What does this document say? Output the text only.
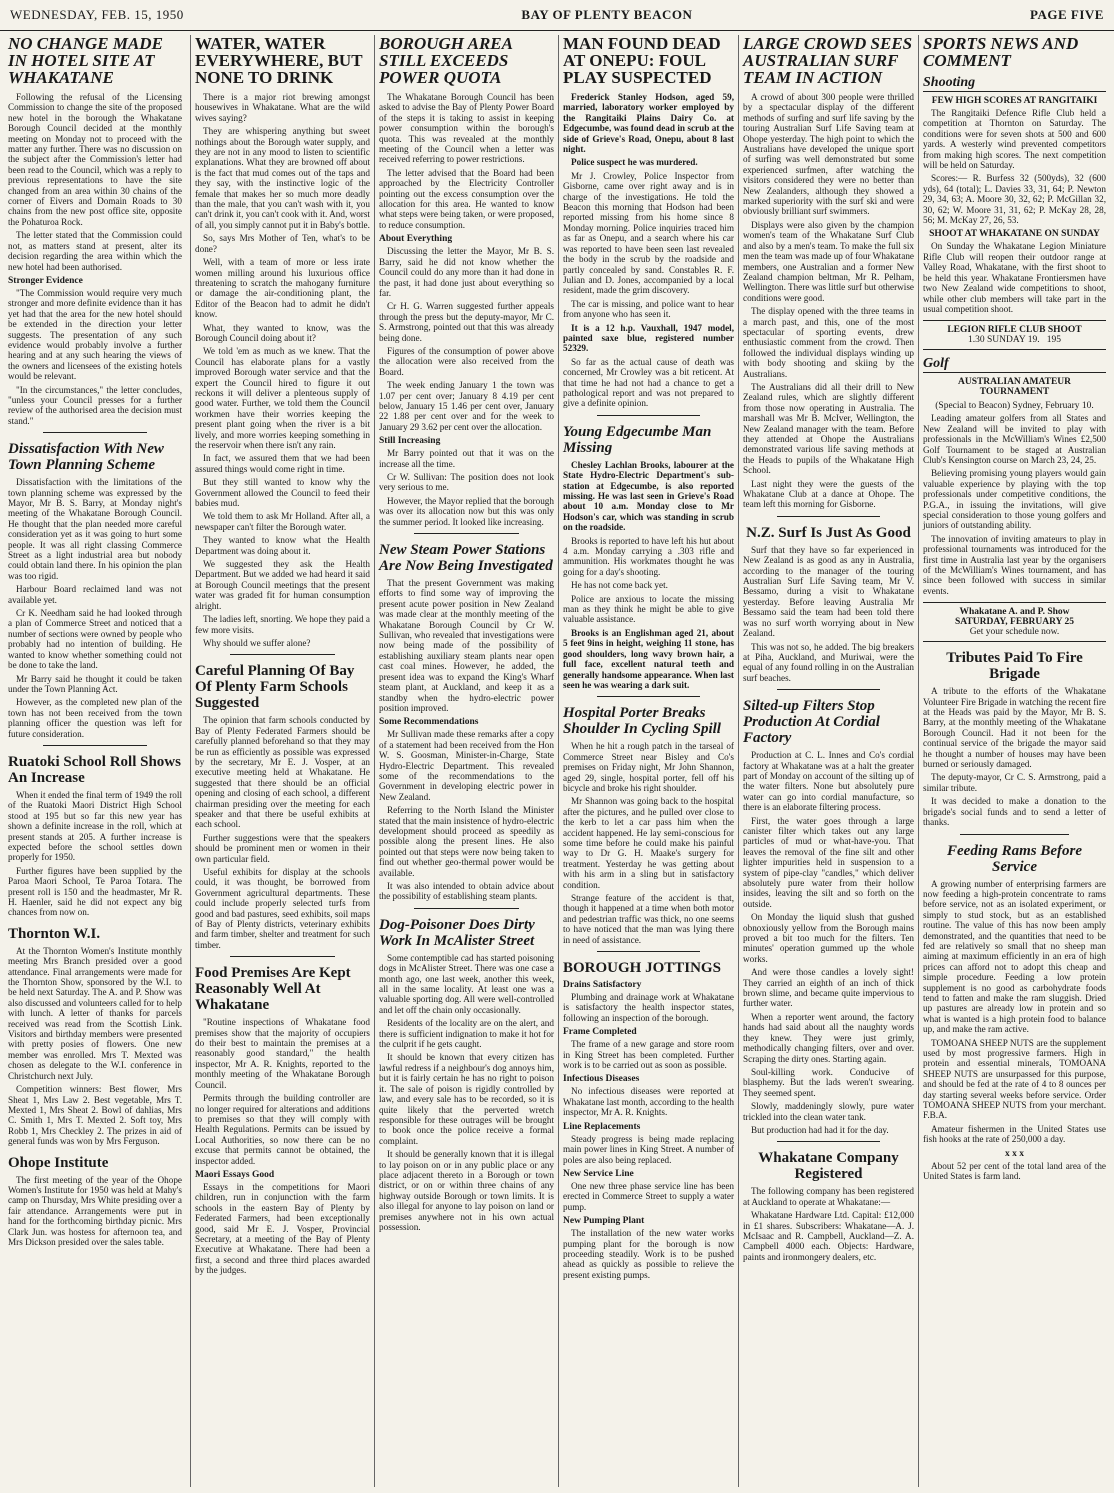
WEDNESDAY, FEB. 15, 1950	BAY OF PLENTY BEACON	PAGE FIVE
NO CHANGE MADE IN HOTEL SITE AT WHAKATANE

Following the refusal of the Licensing Commission to change the site of the proposed new hotel in the borough the Whakatane Borough Council decided at the monthly meeting on Monday not to proceed with the matter any further. There was no discussion on the subject after the Commission's letter had been read to the Council, which was a reply to previous representations to have the site changed from an area within 30 chains of the corner of Eivers and Domain Roads to 30 chains from the new post office site, opposite the Pohaturoa Rock.

The letter stated that the Commission could not, as matters stand at present, alter its decision regarding the area within which the new hotel had been authorised.

Stronger Evidence

"The Commission would require very much stronger and more definite evidence than it has yet had that the area for the new hotel should be extended in the direction your letter suggests. The presentation of any such evidence would probably involve a further hearing and at any such hearing the views of the owners and licensees of the existing hotels would be relevant.

"In the circumstances," the letter concludes, "unless your Council presses for a further review of the authorised area the decision must stand."

Dissatisfaction With New Town Planning Scheme

Dissatisfaction with the limitations of the town planning scheme was expressed by the Mayor, Mr B. S. Barry, at Monday night's meeting of the Whakatane Borough Council. He thought that the plan needed more careful consideration yet as it was going to hurt some people. It was all right classing Commerce Street as a light industrial area but nobody could obtain land there. In his opinion the plan was too rigid.

Harbour Board reclaimed land was not available yet.

Cr K. Needham said he had looked through a plan of Commerce Street and noticed that a number of sections were owned by people who probably had no intention of building. He wanted to know whether something could not be done to take the land.

Mr Barry said he thought it could be taken under the Town Planning Act.

However, as the completed new plan of the town has not been received from the town planning officer the question was left for future consideration.

Ruatoki School Roll Shows An Increase

When it ended the final term of 1949 the roll of the Ruatoki Maori District High School stood at 195 but so far this new year has shown a definite increase in the roll, which at present stands at 205. A further increase is expected before the school settles down properly for 1950.

Further figures have been supplied by the Paroa Maori School, Te Paroa Totara. The present roll is 150 and the headmaster, Mr R. H. Haenler, said he did not expect any big chances from now on.

Thornton W.I.

At the Thornton Women's Institute monthly meeting Mrs Branch presided over a good attendance. Final arrangements were made for the Thornton Show, sponsored by the W.I. to be held next Saturday. The A. and P. Show was also discussed and volunteers called for to help with lunch. A letter of thanks for parcels received was read from the Scottish Link. Visitors and birthday members were presented with pretty posies of flowers. One new member was enrolled. Mrs T. Mexted was chosen as delegate to the W.I. conference in Christchurch next July.

Competition winners: Best flower, Mrs Sheat 1, Mrs Law 2. Best vegetable, Mrs T. Mexted 1, Mrs Sheat 2. Bowl of dahlias, Mrs C. Smith 1, Mrs T. Mexted 2. Soft toy, Mrs Robb 1, Mrs Checkley 2. The prizes in aid of general funds was won by Mrs Ferguson.

Ohope Institute

The first meeting of the year of the Ohope Women's Institute for 1950 was held at Mahy's camp on Thursday, Mrs White presiding over a fair attendance. Arrangements were put in hand for the forthcoming birthday picnic. Mrs Clark Jun. was hostess for afternoon tea, and Mrs Dickson presided over the sales table.

WATER, WATER EVERYWHERE, BUT NONE TO DRINK

There is a major riot brewing amongst housewives in Whakatane. What are the wild wives saying?

They are whispering anything but sweet nothings about the Borough water supply, and they are not in any mood to listen to scientific explanations. What they are browned off about is the fact that mud comes out of the taps and they say, with the instinctive logic of the female that makes her so much more deadly than the male, that you can't wash with it, you can't drink it, you can't cook with it. And, worst of all, you simply cannot put it in Baby's bottle.

So, says Mrs Mother of Ten, what's to be done?

Well, with a team of more or less irate women milling around his luxurious office threatening to scratch the mahogany furniture or damage the air-conditioning plant, the Editor of the Beacon had to admit he didn't know.

What, they wanted to know, was the Borough Council doing about it?

We told 'em as much as we knew. That the Council has elaborate plans for a vastly improved Borough water service and that the expert the Council hired to figure it out reckons it will deliver a plenteous supply of good water. Further, we told them the Council workmen have their worries keeping the present plant going when the river is a bit lively, and more worries keeping something in the reservoir when there isn't any rain.

In fact, we assured them that we had been assured things would come right in time.

But they still wanted to know why the Government allowed the Council to feed their babies mud.

We told them to ask Mr Holland. After all, a newspaper can't filter the Borough water.

They wanted to know what the Health Department was doing about it.

We suggested they ask the Health Department. But we added we had heard it said at Borough Council meetings that the present water was graded fit for human consumption alright.

The ladies left, snorting. We hope they paid a few more visits.

Why should we suffer alone?

Careful Planning Of Bay Of Plenty Farm Schools Suggested

The opinion that farm schools conducted by Bay of Plenty Federated Farmers should be carefully planned beforehand so that they may be run as efficiently as possible was expressed by the secretary, Mr E. J. Vosper, at an executive meeting held at Whakatane. He suggested that there should be an official opening and closing of each school, a different chairman presiding over the meeting for each speaker and that there be useful exhibits at each school.

Further suggestions were that the speakers should be prominent men or women in their own particular field.

Useful exhibits for display at the schools could, it was thought, be borrowed from Government agricultural departments. These could include properly selected turfs from good and bad pastures, seed exhibits, soil maps of Bay of Plenty districts, veterinary exhibits and farm timber, shelter and treatment for such timber.

Food Premises Are Kept Reasonably Well At Whakatane

"Routine inspections of Whakatane food premises show that the majority of occupiers do their best to maintain the premises at a reasonably good standard," the health inspector, Mr A. R. Knights, reported to the monthly meeting of the Whakatane Borough Council.

Permits through the building controller are no longer required for alterations and additions to premises so that they will comply with Health Regulations. Permits can be issued by Local Authorities, so now there can be no excuse that permits cannot be obtained, the inspector added.

Maori Essays Good

Essays in the competitions for Maori children, run in conjunction with the farm schools in the eastern Bay of Plenty by Federated Farmers, had been exceptionally good, said Mr E. J. Vosper, Provincial Secretary, at a meeting of the Bay of Plenty Executive at Whakatane. There had been a first, a second and three third places awarded by the judges.

BOROUGH AREA STILL EXCEEDS POWER QUOTA

The Whakatane Borough Council has been asked to advise the Bay of Plenty Power Board of the steps it is taking to assist in keeping power consumption within the borough's quota. This was revealed at the monthly meeting of the Council when a letter was received referring to power restrictions.

The letter advised that the Board had been approached by the Electricity Controller pointing out the excess consumption over the allocation for this area. He wanted to know what steps were being taken, or were proposed, to reduce consumption.

About Everything

Discussing the letter the Mayor, Mr B. S. Barry, said he did not know whether the Council could do any more than it had done in the past, it had done just about everything so far.

Cr H. G. Warren suggested further appeals through the press but the deputy-mayor, Mr C. S. Armstrong, pointed out that this was already being done.

Figures of the consumption of power above the allocation were also received from the Board.

The week ending January 1 the town was 1.07 per cent over; January 8 4.19 per cent below, January 15 1.46 per cent over, January 22 1.88 per cent over and for the week to January 29 3.62 per cent over the allocation.

Still Increasing

Mr Barry pointed out that it was on the increase all the time.

Cr W. Sullivan: The position does not look very serious to me.

However, the Mayor replied that the borough was over its allocation now but this was only the summer period. It looked like increasing.

New Steam Power Stations Are Now Being Investigated

That the present Government was making efforts to find some way of improving the present acute power position in New Zealand was made clear at the monthly meeting of the Whakatane Borough Council by Cr W. Sullivan, who revealed that investigations were now being made of the possibility of establishing auxiliary steam plants near open cast coal mines. However, he added, the present idea was to expand the King's Wharf steam plant, at Auckland, and keep it as a standby when the hydro-electric power position improved.

Some Recommendations

Mr Sullivan made these remarks after a copy of a statement had been received from the Hon W. S. Goosman, Minister-in-Charge, State Hydro-Electric Department. This revealed some of the recommendations to the Government in developing electric power in New Zealand.

Referring to the North Island the Minister stated that the main insistence of hydro-electric development should proceed as speedily as possible along the present lines. He also pointed out that steps were now being taken to find out whether geo-thermal power would be available.

It was also intended to obtain advice about the possibility of establishing steam plants.

Dog-Poisoner Does Dirty Work In McAlister Street

Some contemptible cad has started poisoning dogs in McAlister Street. There was one case a month ago, one last week, another this week, all in the same locality. At least one was a valuable sporting dog. All were well-controlled and let off the chain only occasionally.

Residents of the locality are on the alert, and there is sufficient indignation to make it hot for the culprit if he gets caught.

It should be known that every citizen has lawful redress if a neighbour's dog annoys him, but it is fairly certain he has no right to poison it. The sale of poison is rigidly controlled by law, and every sale has to be recorded, so it is quite likely that the perverted wretch responsible for these outrages will be brought to book once the police receive a formal complaint.

It should be generally known that it is illegal to lay poison on or in any public place or any place adjacent thereto in a Borough or town district, or on or within three chains of any highway outside Borough or town limits. It is also illegal for anyone to lay poison on land or premises anywhere not in his own actual possession.

MAN FOUND DEAD AT ONEPU: FOUL PLAY SUSPECTED

Frederick Stanley Hodson, aged 59, married, laboratory worker employed by the Rangitaiki Plains Dairy Co. at Edgecumbe, was found dead in scrub at the side of Grieve's Road, Onepu, about 8 last night.

Police suspect he was murdered.

Mr J. Crowley, Police Inspector from Gisborne, came over right away and is in charge of the investigations. He told the Beacon this morning that Hodson had been reported missing from his home since 8 Monday morning. Police inquiries traced him as far as Onepu, and a search where his car was reported to have been seen last revealed the body in the scrub by the roadside and partly concealed by sand. Constables R. F. Julian and D. Jones, accompanied by a local resident, made the grim discovery.

The car is missing, and police want to hear from anyone who has seen it.

It is a 12 h.p. Vauxhall, 1947 model, painted saxe blue, registered number 52329.

So far as the actual cause of death was concerned, Mr Crowley was a bit reticent. At that time he had not had a chance to get a pathological report and was not prepared to give a definite opinion.

Young Edgecumbe Man Missing

Chesley Lachlan Brooks, labourer at the State Hydro-Electric Department's sub-station at Edgecumbe, is also reported missing. He was last seen in Grieve's Road about 10 a.m. Monday close to Mr Hodson's car, which was standing in scrub on the roadside.

Brooks is reported to have left his hut about 4 a.m. Monday carrying a .303 rifle and ammunition. His workmates thought he was going for a day's shooting.

He has not come back yet.

Police are anxious to locate the missing man as they think he might be able to give valuable assistance.

Brooks is an Englishman aged 21, about 5 feet 9ins in height, weighing 11 stone, has good shoulders, long wavy brown hair, a full face, excellent natural teeth and generally handsome appearance. When last seen he was wearing a dark suit.

Hospital Porter Breaks Shoulder In Cycling Spill

When he hit a rough patch in the tarseal of Commerce Street near Bisley and Co's premises on Friday night, Mr John Shannon, aged 29, single, hospital porter, fell off his bicycle and broke his right shoulder.

Mr Shannon was going back to the hospital after the pictures, and he pulled over close to the kerb to let a car pass him when the accident happened. He lay semi-conscious for some time before he could make his painful way to Dr G. H. Maake's surgery for treatment. Yesterday he was getting about with his arm in a sling but in satisfactory condition.

Strange feature of the accident is that, though it happened at a time when both motor and pedestrian traffic was thick, no one seems to have noticed that the man was lying there in need of assistance.

BOROUGH JOTTINGS
Drains Satisfactory

Plumbing and drainage work at Whakatane is satisfactory the health inspector states, following an inspection of the borough.

Frame Completed

The frame of a new garage and store room in King Street has been completed. Further work is to be carried out as soon as possible.

Infectious Diseases

No infectious diseases were reported at Whakatane last month, according to the health inspector, Mr A. R. Knights.

Line Replacements

Steady progress is being made replacing main power lines in King Street. A number of poles are also being replaced.

New Service Line

One new three phase service line has been erected in Commerce Street to supply a water pump.

New Pumping Plant

The installation of the new water works pumping plant for the borough is now proceeding steadily. Work is to be pushed ahead as quickly as possible to relieve the present existing pumps.

LARGE CROWD SEES AUSTRALIAN SURF TEAM IN ACTION

A crowd of about 300 people were thrilled by a spectacular display of the different methods of surfing and surf life saving by the touring Australian Surf Life Saving team at Ohope yesterday. The high point to which the Australians have developed the unique sport of surfing was well demonstrated but some experienced surfmen, after watching the visitors considered they were no better than New Zealanders, although they showed a marked superiority with the surf ski and were obviously brilliant surf swimmers.

Displays were also given by the champion women's team of the Whakatane Surf Club and also by a men's team. To make the full six men the team was made up of four Whakatane members, one Australian and a former New Zealand champion beltman, Mr R. Pelham, Wellington. There was little surf but otherwise conditions were good.

The display opened with the three teams in a march past, and this, one of the most spectacular of sporting events, drew enthusiastic comment from the crowd. Then followed the individual displays winding up with body shooting and skiing by the Australians.

The Australians did all their drill to New Zealand rules, which are slightly different from those now operating in Australia. The marshall was Mr B. McIver, Wellington, the New Zealand manager with the team. Before they attended at Ohope the Australians demonstrated various life saving methods at the Heads to pupils of the Whakatane High School.

Last night they were the guests of the Whakatane Club at a dance at Ohope. The team left this morning for Gisborne.

N.Z. Surf Is Just As Good

Surf that they have so far experienced in New Zealand is as good as any in Australia, according to the manager of the touring Australian Surf Life Saving team, Mr V. Bessamo, during a visit to Whakatane yesterday. Before leaving Australia Mr Bessamo said the team had been told there was no surf worth worrying about in New Zealand.

This was not so, he added. The big breakers at Piha, Auckland, and Muriwai, were the equal of any found rolling in on the Australian surf beaches.

Silted-up Filters Stop Production At Cordial Factory

Production at C. L. Innes and Co's cordial factory at Whakatane was at a halt the greater part of Monday on account of the silting up of the water filters. None but absolutely pure water can go into cordial manufacture, so there is an elaborate filtering process.

First, the water goes through a large canister filter which takes out any large particles of mud or what-have-you. That leaves the removal of the fine silt and other lighter impurities held in suspension to a system of pipe-clay "candles," which deliver absolutely pure water from their hollow insides, leaving the silt and so forth on the outside.

On Monday the liquid slush that gushed obnoxiously yellow from the Borough mains proved a bit too much for the filters. Ten minutes' operation gummed up the whole works.

And were those candles a lovely sight! They carried an eighth of an inch of thick brown slime, and became quite impervious to further water.

When a reporter went around, the factory hands had said about all the naughty words they knew. They were just grimly, methodically changing filters, over and over. Scraping the dirty ones. Starting again.

Soul-killing work. Conducive of blasphemy. But the lads weren't swearing. They seemed spent.

Slowly, maddeningly slowly, pure water trickled into the clean water tank.

But production had had it for the day.

Whakatane Company Registered

The following company has been registered at Auckland to operate at Whakatane:—

Whakatane Hardware Ltd. Capital: £12,000 in £1 shares. Subscribers: Whakatane—A. J. McIsaac and R. Campbell, Auckland—Z. A. Campbell 4000 each. Objects: Hardware, paints and ironmongery dealers, etc.

SPORTS NEWS AND COMMENT
Shooting
FEW HIGH SCORES AT RANGITAIKI

The Rangitaiki Defence Rifle Club held a competition at Thornton on Saturday. The conditions were for seven shots at 500 and 600 yards. A westerly wind prevented competitors from making high scores. The next competition will be held on Saturday.

Scores:— R. Burfess 32 (500yds), 32 (600 yds), 64 (total); L. Davies 33, 31, 64; P. Newton 29, 34, 63; A. Moore 30, 32, 62; P. McGillan 32, 30, 62; W. Moore 31, 31, 62; P. McKay 28, 28, 56; M. McKay 27, 26, 53.

SHOOT AT WHAKATANE ON SUNDAY

On Sunday the Whakatane Legion Miniature Rifle Club will reopen their outdoor range at Valley Road, Whakatane, with the first shoot to be held this year. Whakatane Frontiersmen have two New Zealand wide competitions to shoot, while other club members will take part in the usual competition shoot.

LEGION RIFLE CLUB SHOOT
1.30 SUNDAY 19. 195
Golf
AUSTRALIAN AMATEUR TOURNAMENT
(Special to Beacon) Sydney, February 10.

Leading amateur golfers from all States and New Zealand will be invited to play with professionals in the McWilliam's Wines £2,500 Golf Tournament to be staged at Australian Club's Kensington course on March 23, 24, 25.

Believing promising young players would gain valuable experience by playing with the top professionals under competitive conditions, the P.G.A., in issuing the invitations, will give special consideration to those young golfers and juniors of outstanding ability.

The innovation of inviting amateurs to play in professional tournaments was introduced for the first time in Australia last year by the organisers of the McWilliam's Wines tournament, and has since been followed with success in similar events.

Whakatane A. and P. Show
SATURDAY, FEBRUARY 25
Get your schedule now.
Tributes Paid To Fire Brigade

A tribute to the efforts of the Whakatane Volunteer Fire Brigade in watching the recent fire at the Heads was paid by the Mayor, Mr B. S. Barry, at the monthly meeting of the Whakatane Borough Council. Had it not been for the continual service of the brigade the mayor said he thought a number of houses may have been burned or seriously damaged.

The deputy-mayor, Cr C. S. Armstrong, paid a similar tribute.

It was decided to make a donation to the brigade's social funds and to send a letter of thanks.

Feeding Rams Before Service

A growing number of enterprising farmers are now feeding a high-protein concentrate to rams before service, not as an isolated experiment, or simply to stud stock, but as an established routine. The value of this has now been amply demonstrated, and the quantities that need to be fed are relatively so small that no sheep man aiming at maximum efficiently in an era of high prices can afford not to adopt this cheap and simple procedure. Feeding a low protein supplement is no good as carbohydrate foods tend to fatten and make the ram sluggish. Dried up pastures are already low in protein and so what is wanted is a high protein food to balance up, and make the ram active.

TOMOANA SHEEP NUTS are the supplement used by most progressive farmers. High in protein and essential minerals, TOMOANA SHEEP NUTS are unsurpassed for this purpose, and should be fed at the rate of 4 to 8 ounces per day starting several weeks before service. Order TOMOANA SHEEP NUTS from your merchant. F.B.A.

Amateur fishermen in the United States use fish hooks at the rate of 250,000 a day.

x x x

About 52 per cent of the total land area of the United States is farm land.
